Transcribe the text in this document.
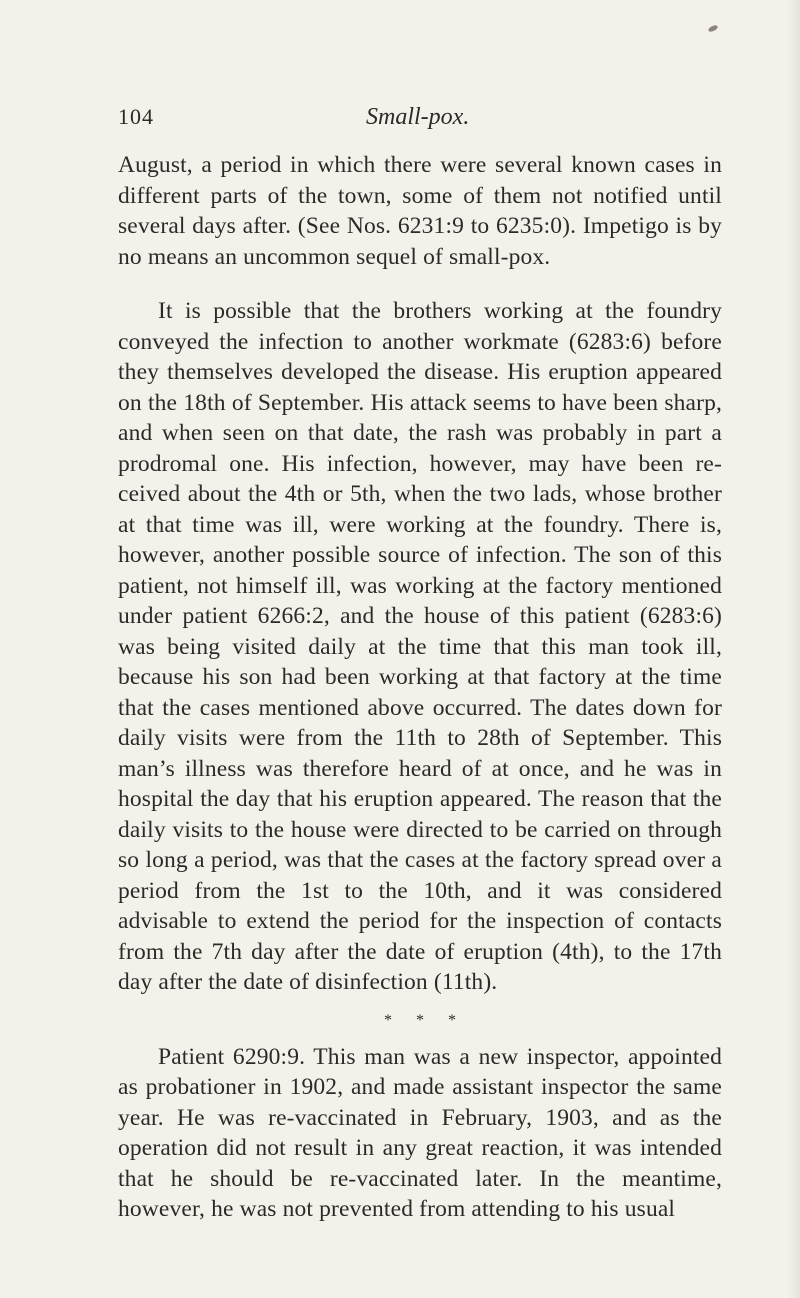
104	Small-pox.

August, a period in which there were several known cases in different parts of the town, some of them not notified until several days after. (See Nos. 6231:9 to 6235:0). Impetigo is by no means an uncommon sequel of small-pox.

It is possible that the brothers working at the foundry conveyed the infection to another workmate (6283:6) before they themselves developed the disease. His eruption appeared on the 18th of September. His attack seems to have been sharp, and when seen on that date, the rash was probably in part a prodromal one. His infection, however, may have been re-ceived about the 4th or 5th, when the two lads, whose brother at that time was ill, were working at the foundry. There is, however, another possible source of infection. The son of this patient, not himself ill, was working at the factory mentioned under patient 6266:2, and the house of this patient (6283:6) was being visited daily at the time that this man took ill, because his son had been working at that factory at the time that the cases mentioned above occurred. The dates down for daily visits were from the 11th to 28th of September. This man’s illness was therefore heard of at once, and he was in hospital the day that his eruption appeared. The reason that the daily visits to the house were directed to be carried on through so long a period, was that the cases at the factory spread over a period from the 1st to the 10th, and it was considered advisable to extend the period for the inspection of contacts from the 7th day after the date of eruption (4th), to the 17th day after the date of disinfection (11th).

* * *

Patient 6290:9. This man was a new inspector, appointed as probationer in 1902, and made assistant inspector the same year. He was re-vaccinated in February, 1903, and as the operation did not result in any great reaction, it was intended that he should be re-vaccinated later. In the meantime, however, he was not prevented from attending to his usual
